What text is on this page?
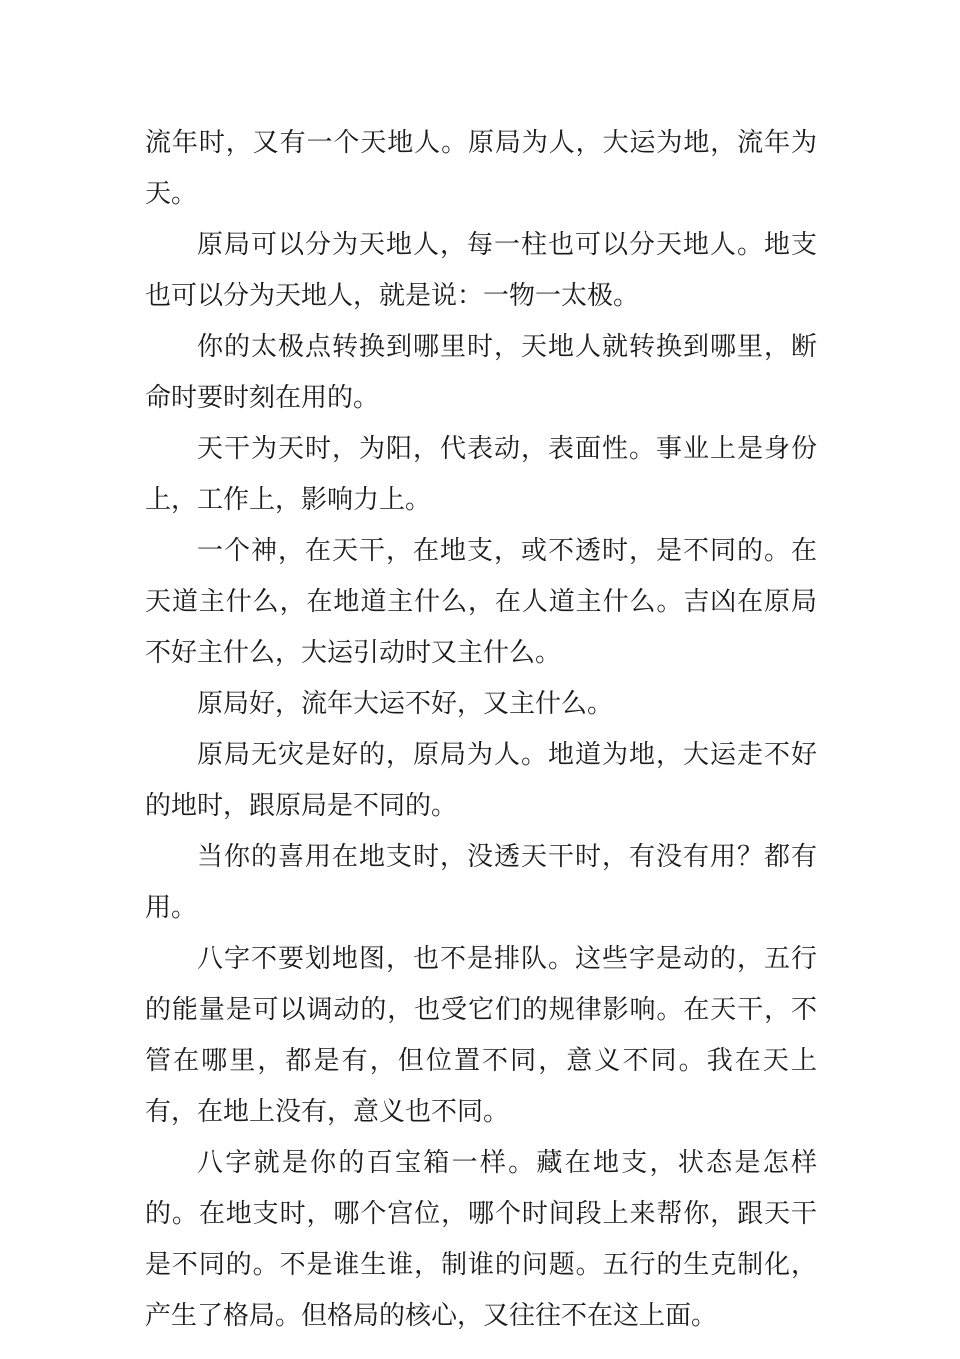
流年时，又有一个天地人。原局为人，大运为地，流年为天。

原局可以分为天地人，每一柱也可以分天地人。地支也可以分为天地人，就是说：一物一太极。

你的太极点转换到哪里时，天地人就转换到哪里，断命时要时刻在用的。

天干为天时，为阳，代表动，表面性。事业上是身份上，工作上，影响力上。

一个神，在天干，在地支，或不透时，是不同的。在天道主什么，在地道主什么，在人道主什么。吉凶在原局不好主什么，大运引动时又主什么。

原局好，流年大运不好，又主什么。

原局无灾是好的，原局为人。地道为地，大运走不好的地时，跟原局是不同的。

当你的喜用在地支时，没透天干时，有没有用？都有用。

八字不要划地图，也不是排队。这些字是动的，五行的能量是可以调动的，也受它们的规律影响。在天干，不管在哪里，都是有，但位置不同，意义不同。我在天上有，在地上没有，意义也不同。

八字就是你的百宝箱一样。藏在地支，状态是怎样的。在地支时，哪个宫位，哪个时间段上来帮你，跟天干是不同的。不是谁生谁，制谁的问题。五行的生克制化，产生了格局。但格局的核心，又往往不在这上面。
